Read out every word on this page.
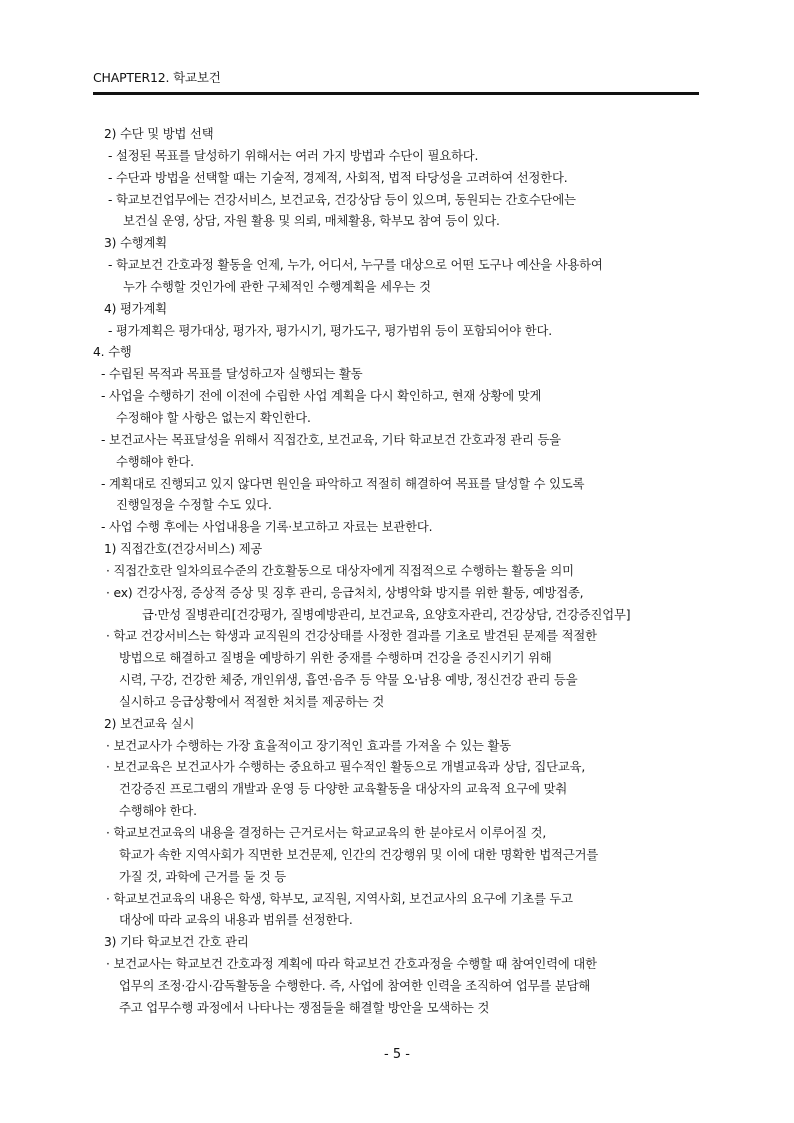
CHAPTER12. 학교보건
2) 수단 및 방법 선택
- 설정된 목표를 달성하기 위해서는 여러 가지 방법과 수단이 필요하다.
- 수단과 방법을 선택할 때는 기술적, 경제적, 사회적, 법적 타당성을 고려하여 선정한다.
- 학교보건업무에는 건강서비스, 보건교육, 건강상담 등이 있으며, 동원되는 간호수단에는
보건실 운영, 상담, 자원 활용 및 의뢰, 매체활용, 학부모 참여 등이 있다.
3) 수행계획
- 학교보건 간호과정 활동을 언제, 누가, 어디서, 누구를 대상으로 어떤 도구나 예산을 사용하여
누가 수행할 것인가에 관한 구체적인 수행계획을 세우는 것
4) 평가계획
- 평가계획은 평가대상, 평가자, 평가시기, 평가도구, 평가범위 등이 포함되어야 한다.
4. 수행
- 수립된 목적과 목표를 달성하고자 실행되는 활동
- 사업을 수행하기 전에 이전에 수립한 사업 계획을 다시 확인하고, 현재 상황에 맞게
수정해야 할 사항은 없는지 확인한다.
- 보건교사는 목표달성을 위해서 직접간호, 보건교육, 기타 학교보건 간호과정 관리 등을
수행해야 한다.
- 계획대로 진행되고 있지 않다면 원인을 파악하고 적절히 해결하여 목표를 달성할 수 있도록
진행일정을 수정할 수도 있다.
- 사업 수행 후에는 사업내용을 기록·보고하고 자료는 보관한다.
1) 직접간호(건강서비스) 제공
· 직접간호란 일차의료수준의 간호활동으로 대상자에게 직접적으로 수행하는 활동을 의미
· ex) 건강사정, 증상적 증상 및 징후 관리, 응급처치, 상병악화 방지를 위한 활동, 예방접종,
급·만성 질병관리[건강평가, 질병예방관리, 보건교육, 요양호자관리, 건강상담, 건강증진업무]
· 학교 건강서비스는 학생과 교직원의 건강상태를 사정한 결과를 기초로 발견된 문제를 적절한
방법으로 해결하고 질병을 예방하기 위한 중재를 수행하며 건강을 증진시키기 위해
시력, 구강, 건강한 체중, 개인위생, 흡연·음주 등 약물 오·남용 예방, 정신건강 관리 등을
실시하고 응급상황에서 적절한 처치를 제공하는 것
2) 보건교육 실시
· 보건교사가 수행하는 가장 효율적이고 장기적인 효과를 가져올 수 있는 활동
· 보건교육은 보건교사가 수행하는 중요하고 필수적인 활동으로 개별교육과 상담, 집단교육,
건강증진 프로그램의 개발과 운영 등 다양한 교육활동을 대상자의 교육적 요구에 맞춰
수행해야 한다.
· 학교보건교육의 내용을 결정하는 근거로서는 학교교육의 한 분야로서 이루어질 것,
학교가 속한 지역사회가 직면한 보건문제, 인간의 건강행위 및 이에 대한 명확한 법적근거를
가질 것, 과학에 근거를 둘 것 등
· 학교보건교육의 내용은 학생, 학부모, 교직원, 지역사회, 보건교사의 요구에 기초를 두고
대상에 따라 교육의 내용과 범위를 선정한다.
3) 기타 학교보건 간호 관리
· 보건교사는 학교보건 간호과정 계획에 따라 학교보건 간호과정을 수행할 때 참여인력에 대한
업무의 조정·감시·감독활동을 수행한다. 즉, 사업에 참여한 인력을 조직하여 업무를 분담해
주고 업무수행 과정에서 나타나는 쟁점들을 해결할 방안을 모색하는 것
- 5 -
